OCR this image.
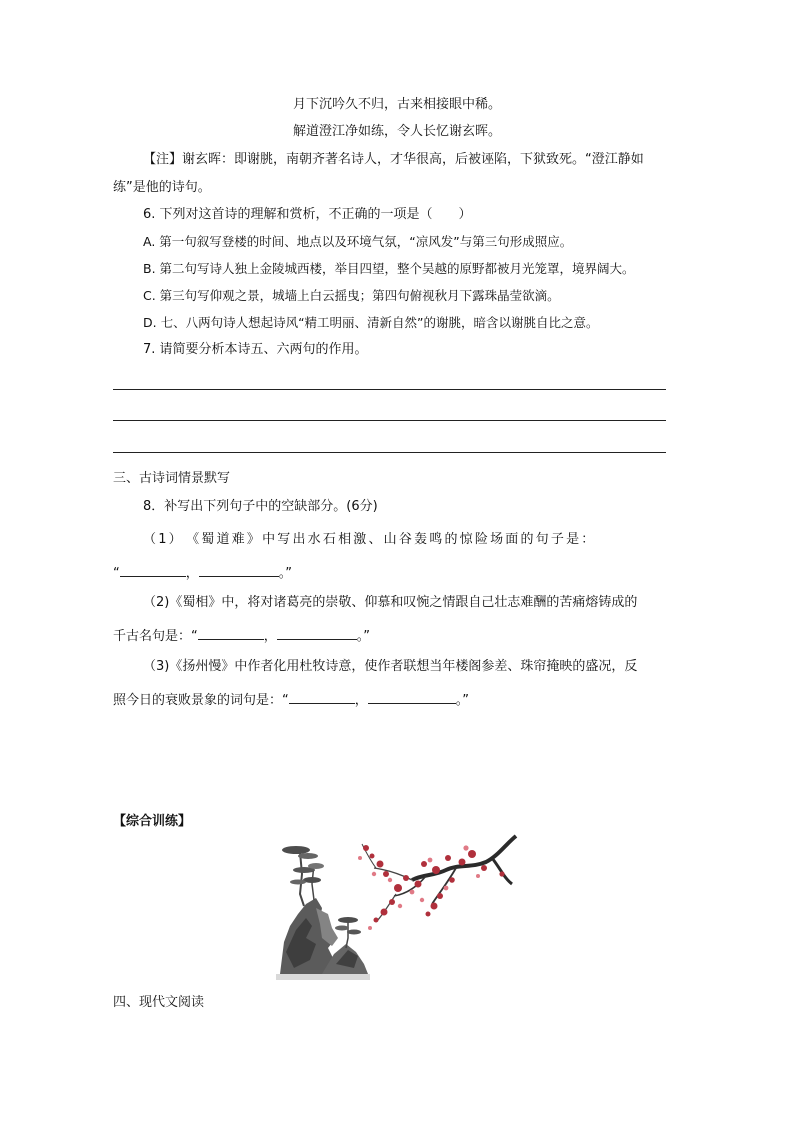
月下沉吟久不归，古来相接眼中稀。
解道澄江净如练，令人长忆谢玄晖。
【注】谢玄晖：即谢朓，南朝齐著名诗人，才华很高，后被诬陷，下狱致死。“澄江静如
练”是他的诗句。
6. 下列对这首诗的理解和赏析，不正确的一项是（　　）
A. 第一句叙写登楼的时间、地点以及环境气氛，“凉风发”与第三句形成照应。
B. 第二句写诗人独上金陵城西楼，举目四望，整个吴越的原野都被月光笼罩，境界阔大。
C. 第三句写仰观之景，城墙上白云摇曳；第四句俯视秋月下露珠晶莹欲滴。
D. 七、八两句诗人想起诗风“精工明丽、清新自然”的谢朓，暗含以谢朓自比之意。
7. 请简要分析本诗五、六两句的作用。
三、古诗词情景默写
8．补写出下列句子中的空缺部分。(6分)
（1）　《蜀道难》中写出水石相激、山谷轰鸣的惊险场面的句子是：
“	，	。”
（2)《蜀相》中，将对诸葛亮的崇敬、仰慕和叹惋之情跟自己壮志难酬的苦痛熔铸成的
千古名句是：“	，	。”
（3)《扬州慢》中作者化用杜牧诗意，使作者联想当年楼阁参差、珠帘掩映的盛况，反
照今日的衰败景象的词句是：“	，	。”
【综合训练】
四、现代文阅读
